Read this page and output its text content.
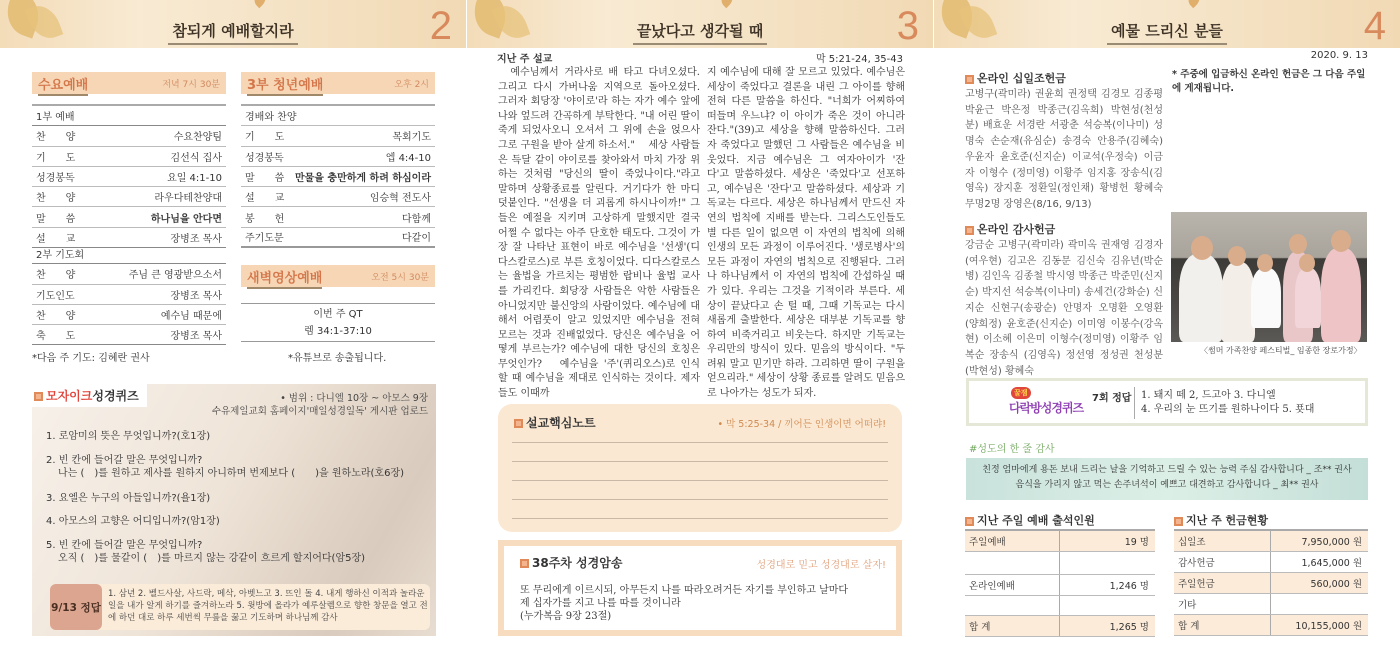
참되게 예배할지라	2
수요예배	저녁 7시 30분
1부 예배
찬　　양	수요찬양팀
기　　도	김선식 집사
성경봉독	요일 4:1-10
찬　　양	라우다테찬양대
말　　씀	하나님을 안다면
설　　교	장병조 목사
2부 기도회
찬　　양	주님 큰 영광받으소서
기도인도	장병조 목사
찬　　양	예수님 때문에
축　　도	장병조 목사
*다음 주 기도: 김혜란 권사
3부 청년예배	오후 2시
경배와 찬양
기　　도	목회기도
성경봉독	엡 4:4-10
말　　씀 만물을 충만하게 하려 하심이라
설　　교	임승혁 전도사
봉　　헌	다함께
주기도문	다같이
새벽영상예배	오전 5시 30분
이번 주 QT
렘 34:1-37:10
*유튜브로 송출됩니다.
모자이크성경퀴즈	• 범위 : 다니엘 10장 ~ 아모스 9장
수유제일교회 홈페이지'매일성경일독' 게시판 업로드
1. 로암미의 뜻은 무엇입니까?(호1장)
2. 빈 칸에 들어갈 말은 무엇입니까?
나는 (　)를 원하고 제사를 원하지 아니하며 번제보다 (　　)을 원하노라(호6장)
3. 요엘은 누구의 아들입니까?(욜1장)
4. 아모스의 고향은 어디입니까?(암1장)
5. 빈 칸에 들어갈 말은 무엇입니까?
오직 (　)를 물같이 (　)를 마르지 않는 강같이 흐르게 할지어다(암5장)
9/13 정답
1. 삼년 2. 벨드사살, 사드락, 메삭, 아벳느고 3. 뜨인 돌 4. 내게 행하신 이적과 놀라운 일을 내가 알게 하기를 즐겨하노라 5. 윗방에 올라가 예루살렘으로 향한 창문을 열고 전에 하던 대로 하루 세번씩 무릎을 꿇고 기도하며 하나님께 감사
끝났다고 생각될 때	3
지난 주 설교	막 5:21-24, 35-43
　예수님께서 거라사로 배 타고 다녀오셨다. 그리고 다시 가버나움 지역으로 돌아오셨다. 그러자 회당장 '야이로'라 하는 자가 예수 앞에 나와 엎드려 간곡하게 부탁한다. "내 어린 딸이 죽게 되었사오니 오셔서 그 위에 손을 얹으사 그로 구원을 받아 살게 하소서." 　세상 사람들은 득달 같이 야이로를 찾아와서 마치 가장 위하는 것처럼 "당신의 딸이 죽었나이다."라고 말하며 상황종료를 알린다. 거기다가 한 마디 덧붙인다. "선생을 더 괴롭게 하시나이까!" 그들은 예절을 지키며 고상하게 말했지만 결국 어쩔 수 없다는 아주 단호한 태도다. 그것이 가장 잘 나타난 표현이 바로 예수님을 '선생'(디다스칼로스)로 부른 호칭이었다. 디다스칼로스는 율법을 가르치는 평범한 랍비나 율법 교사를 가리킨다. 회당장 사람들은 악한 사람들은 아니었지만 불신앙의 사람이었다. 예수님에 대해서 어렴풋이 알고 있었지만 예수님을 전혀 모르는 것과 진배없었다. 당신은 예수님을 어떻게 부르는가? 예수님에 대한 당신의 호칭은 무엇인가? 　예수님을 '주'(퀴리오스)로 인식할 때 예수님을 제대로 인식하는 것이다. 제자들도 이때까
지 예수님에 대해 잘 모르고 있었다. 예수님은 세상이 죽었다고 결론을 내린 그 아이를 향해 전혀 다른 말씀을 하신다. "너희가 어찌하여 떠들며 우느냐? 이 아이가 죽은 것이 아니라 잔다."(39)고 세상을 향해 말씀하신다. 그러자 죽었다고 말했던 그 사람들은 예수님을 비웃었다. 지금 예수님은 그 여자아이가 '잔다'고 말씀하셨다. 세상은 '죽었다'고 선포하고, 예수님은 '잔다'고 말씀하셨다. 세상과 기독교는 다르다. 세상은 하나님께서 만드신 자연의 법칙에 지배를 받는다. 그리스도인들도 별 다른 일이 없으면 이 자연의 법칙에 의해 인생의 모든 과정이 이루어진다. '생로병사'의 모든 과정이 자연의 법칙으로 진행된다. 그러나 하나님께서 이 자연의 법칙에 간섭하실 때가 있다. 우리는 그것을 기적이라 부른다. 세상이 끝났다고 손 털 때, 그때 기독교는 다시 새롭게 출발한다. 세상은 대부분 기독교를 향하여 비죽거리고 비웃는다. 하지만 기독교는 우리만의 방식이 있다. 믿음의 방식이다. "두려워 말고 믿기만 하라. 그리하면 딸이 구원을 얻으리라." 세상이 상황 종료를 알려도 믿음으로 나아가는 성도가 되자.
설교핵심노트	• 막 5:25-34 / 끼어든 인생이면 어떠랴!
38주차 성경암송	성경대로 믿고 성경대로 살자!
또 무리에게 이르시되, 아무든지 나를 따라오려거든 자기를 부인하고 날마다
제 십자가를 지고 나를 따를 것이니라
(누가복음 9장 23절)
예물 드리신 분들	4
2020. 9. 13
온라인 십일조헌금
고병구(곽미라) 권윤희 권정택 김경모 김종평 박윤근 박은정 박종근(김옥희) 박현성(천성분) 배효운 서경란 서광춘 석승복(이나미) 성명숙 손순재(유심순) 송경숙 안용주(김혜숙) 우윤자 윤호준(신지순) 이교석(우정숙) 이금자 이형수 (정미영) 이황주 임지홍 장송식(김영옥) 장지훈 정환일(정인채) 황병헌 황혜숙 무명2명 장영은(8/16, 9/13)
* 주중에 입금하신 온라인 헌금은 그 다음 주일에 게재됩니다.
온라인 감사헌금
강금순 고병구(곽미라) 곽미옥 권재영 김경자 (여우현) 김고은 김동문 김신숙 김유년(박순병) 김인옥 김종철 박시영 박종근 박준민(신지순) 박지선 석승복(이나미) 송세건(강화순) 신지순 신현구(송광순) 안명자 오명환 오영환(양희정) 윤호준(신지순) 이미영 이봉수(강옥현) 이소혜 이은미 이형수(정미영) 이황주 임복순 장송식 (김영옥) 정선영 정성권 천성분(박현성) 황혜숙
〈썸머 가족찬양 페스티벌_ 임종한 장로가정〉
꿀잼
다락방성경퀴즈
7회 정답 1. 돼지 떼 2, 드고아 3. 다니엘
4. 우리의 눈 뜨기를 원하나이다 5. 푯대
#성도의 한 줄 감사
친정 엄마에게 용돈 보내 드리는 날을 기억하고 드릴 수 있는 능력 주심 감사합니다 _ 조** 권사
음식을 가리지 않고 먹는 손주녀석이 예쁘고 대견하고 감사합니다 _ 최** 권사
지난 주일 예배 출석인원
주일예배	19 명
온라인예배	1,246 명
합 계	1,265 명
지난 주 헌금현황
십일조	7,950,000 원
감사헌금	1,645,000 원
주일헌금	560,000 원
기타
합 계	10,155,000 원
